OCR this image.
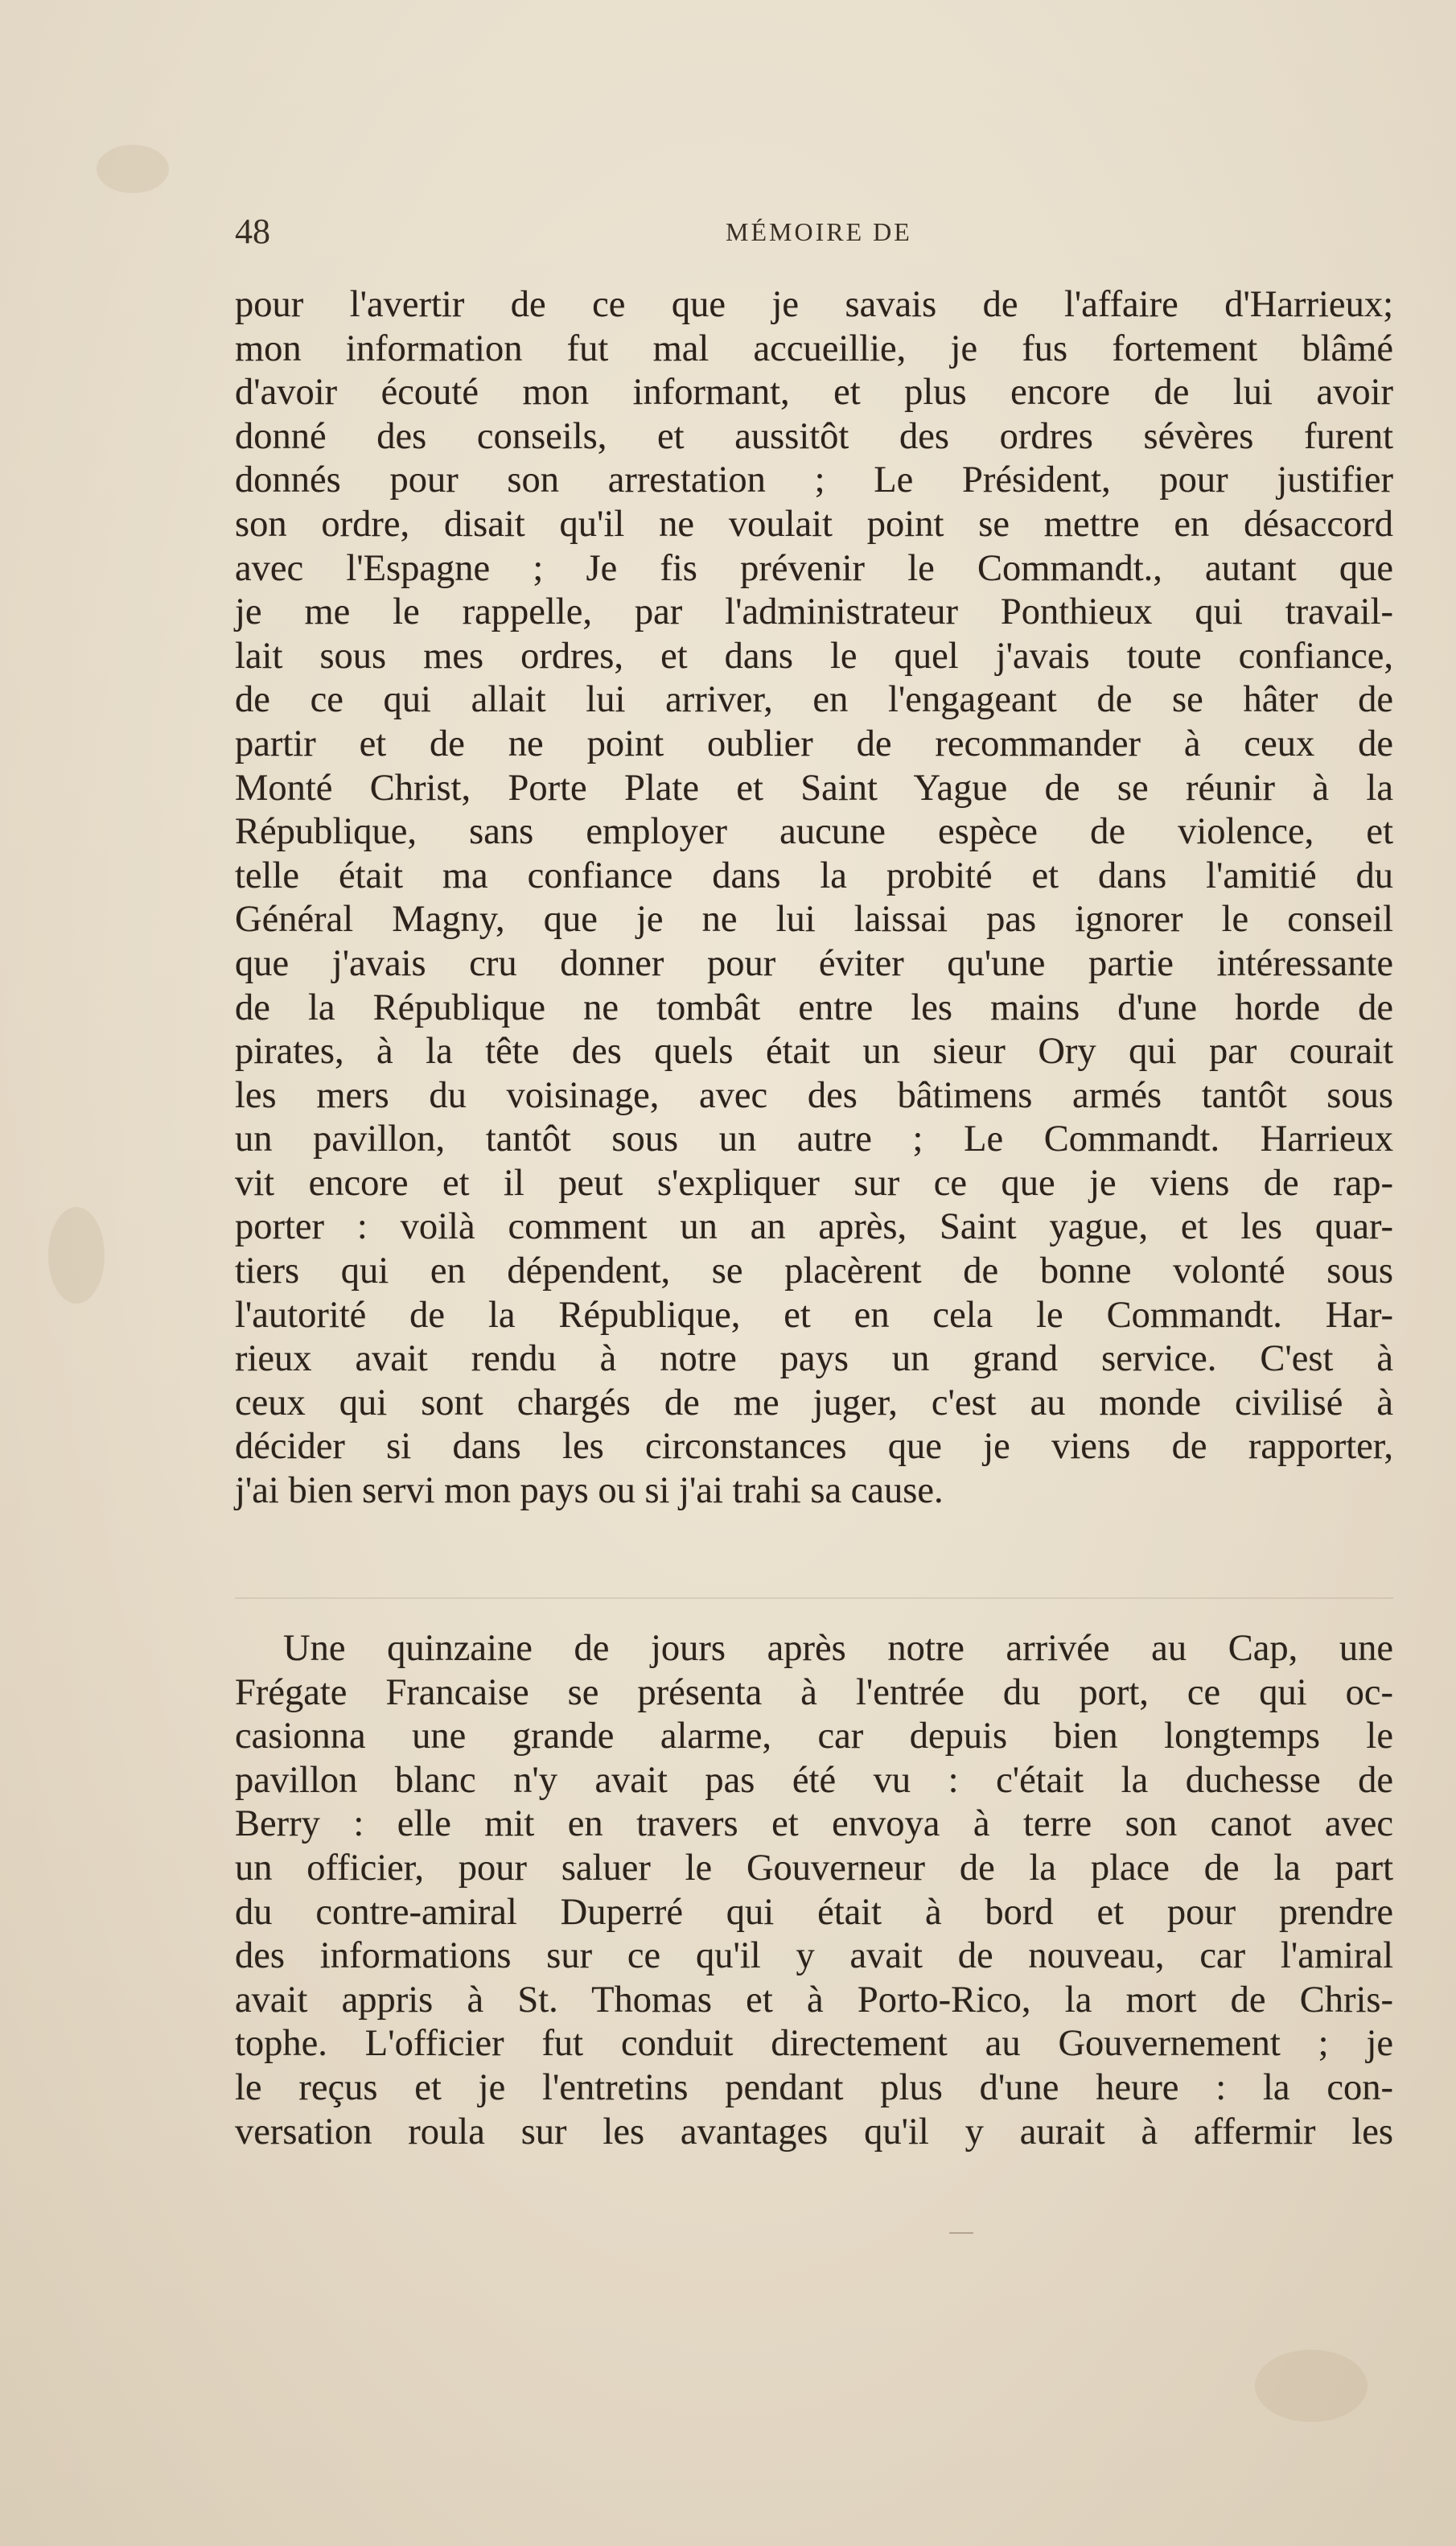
48	MÉMOIRE DE
pour l'avertir de ce que je savais de l'affaire d'Harrieux;
mon information fut mal accueillie, je fus fortement blâmé
d'avoir écouté mon informant, et plus encore de lui avoir
donné des conseils, et aussitôt des ordres sévères furent
donnés pour son arrestation ; Le Président, pour justifier
son ordre, disait qu'il ne voulait point se mettre en désaccord
avec l'Espagne ; Je fis prévenir le Commandt., autant que
je me le rappelle, par l'administrateur Ponthieux qui travail-
lait sous mes ordres, et dans le quel j'avais toute confiance,
de ce qui allait lui arriver, en l'engageant de se hâter de
partir et de ne point oublier de recommander à ceux de
Monté Christ, Porte Plate et Saint Yague de se réunir à la
République, sans employer aucune espèce de violence, et
telle était ma confiance dans la probité et dans l'amitié du
Général Magny, que je ne lui laissai pas ignorer le conseil
que j'avais cru donner pour éviter qu'une partie intéressante
de la République ne tombât entre les mains d'une horde de
pirates, à la tête des quels était un sieur Ory qui par courait
les mers du voisinage, avec des bâtimens armés tantôt sous
un pavillon, tantôt sous un autre ; Le Commandt. Harrieux
vit encore et il peut s'expliquer sur ce que je viens de rap-
porter : voilà comment un an après, Saint yague, et les quar-
tiers qui en dépendent, se placèrent de bonne volonté sous
l'autorité de la République, et en cela le Commandt. Har-
rieux avait rendu à notre pays un grand service. C'est à
ceux qui sont chargés de me juger, c'est au monde civilisé à
décider si dans les circonstances que je viens de rapporter,
j'ai bien servi mon pays ou si j'ai trahi sa cause.
Une quinzaine de jours après notre arrivée au Cap, une
Frégate Francaise se présenta à l'entrée du port, ce qui oc-
casionna une grande alarme, car depuis bien longtemps le
pavillon blanc n'y avait pas été vu : c'était la duchesse de
Berry : elle mit en travers et envoya à terre son canot avec
un officier, pour saluer le Gouverneur de la place de la part
du contre-amiral Duperré qui était à bord et pour prendre
des informations sur ce qu'il y avait de nouveau, car l'amiral
avait appris à St. Thomas et à Porto-Rico, la mort de Chris-
tophe. L'officier fut conduit directement au Gouvernement ; je
le reçus et je l'entretins pendant plus d'une heure : la con-
versation roula sur les avantages qu'il y aurait à affermir les
